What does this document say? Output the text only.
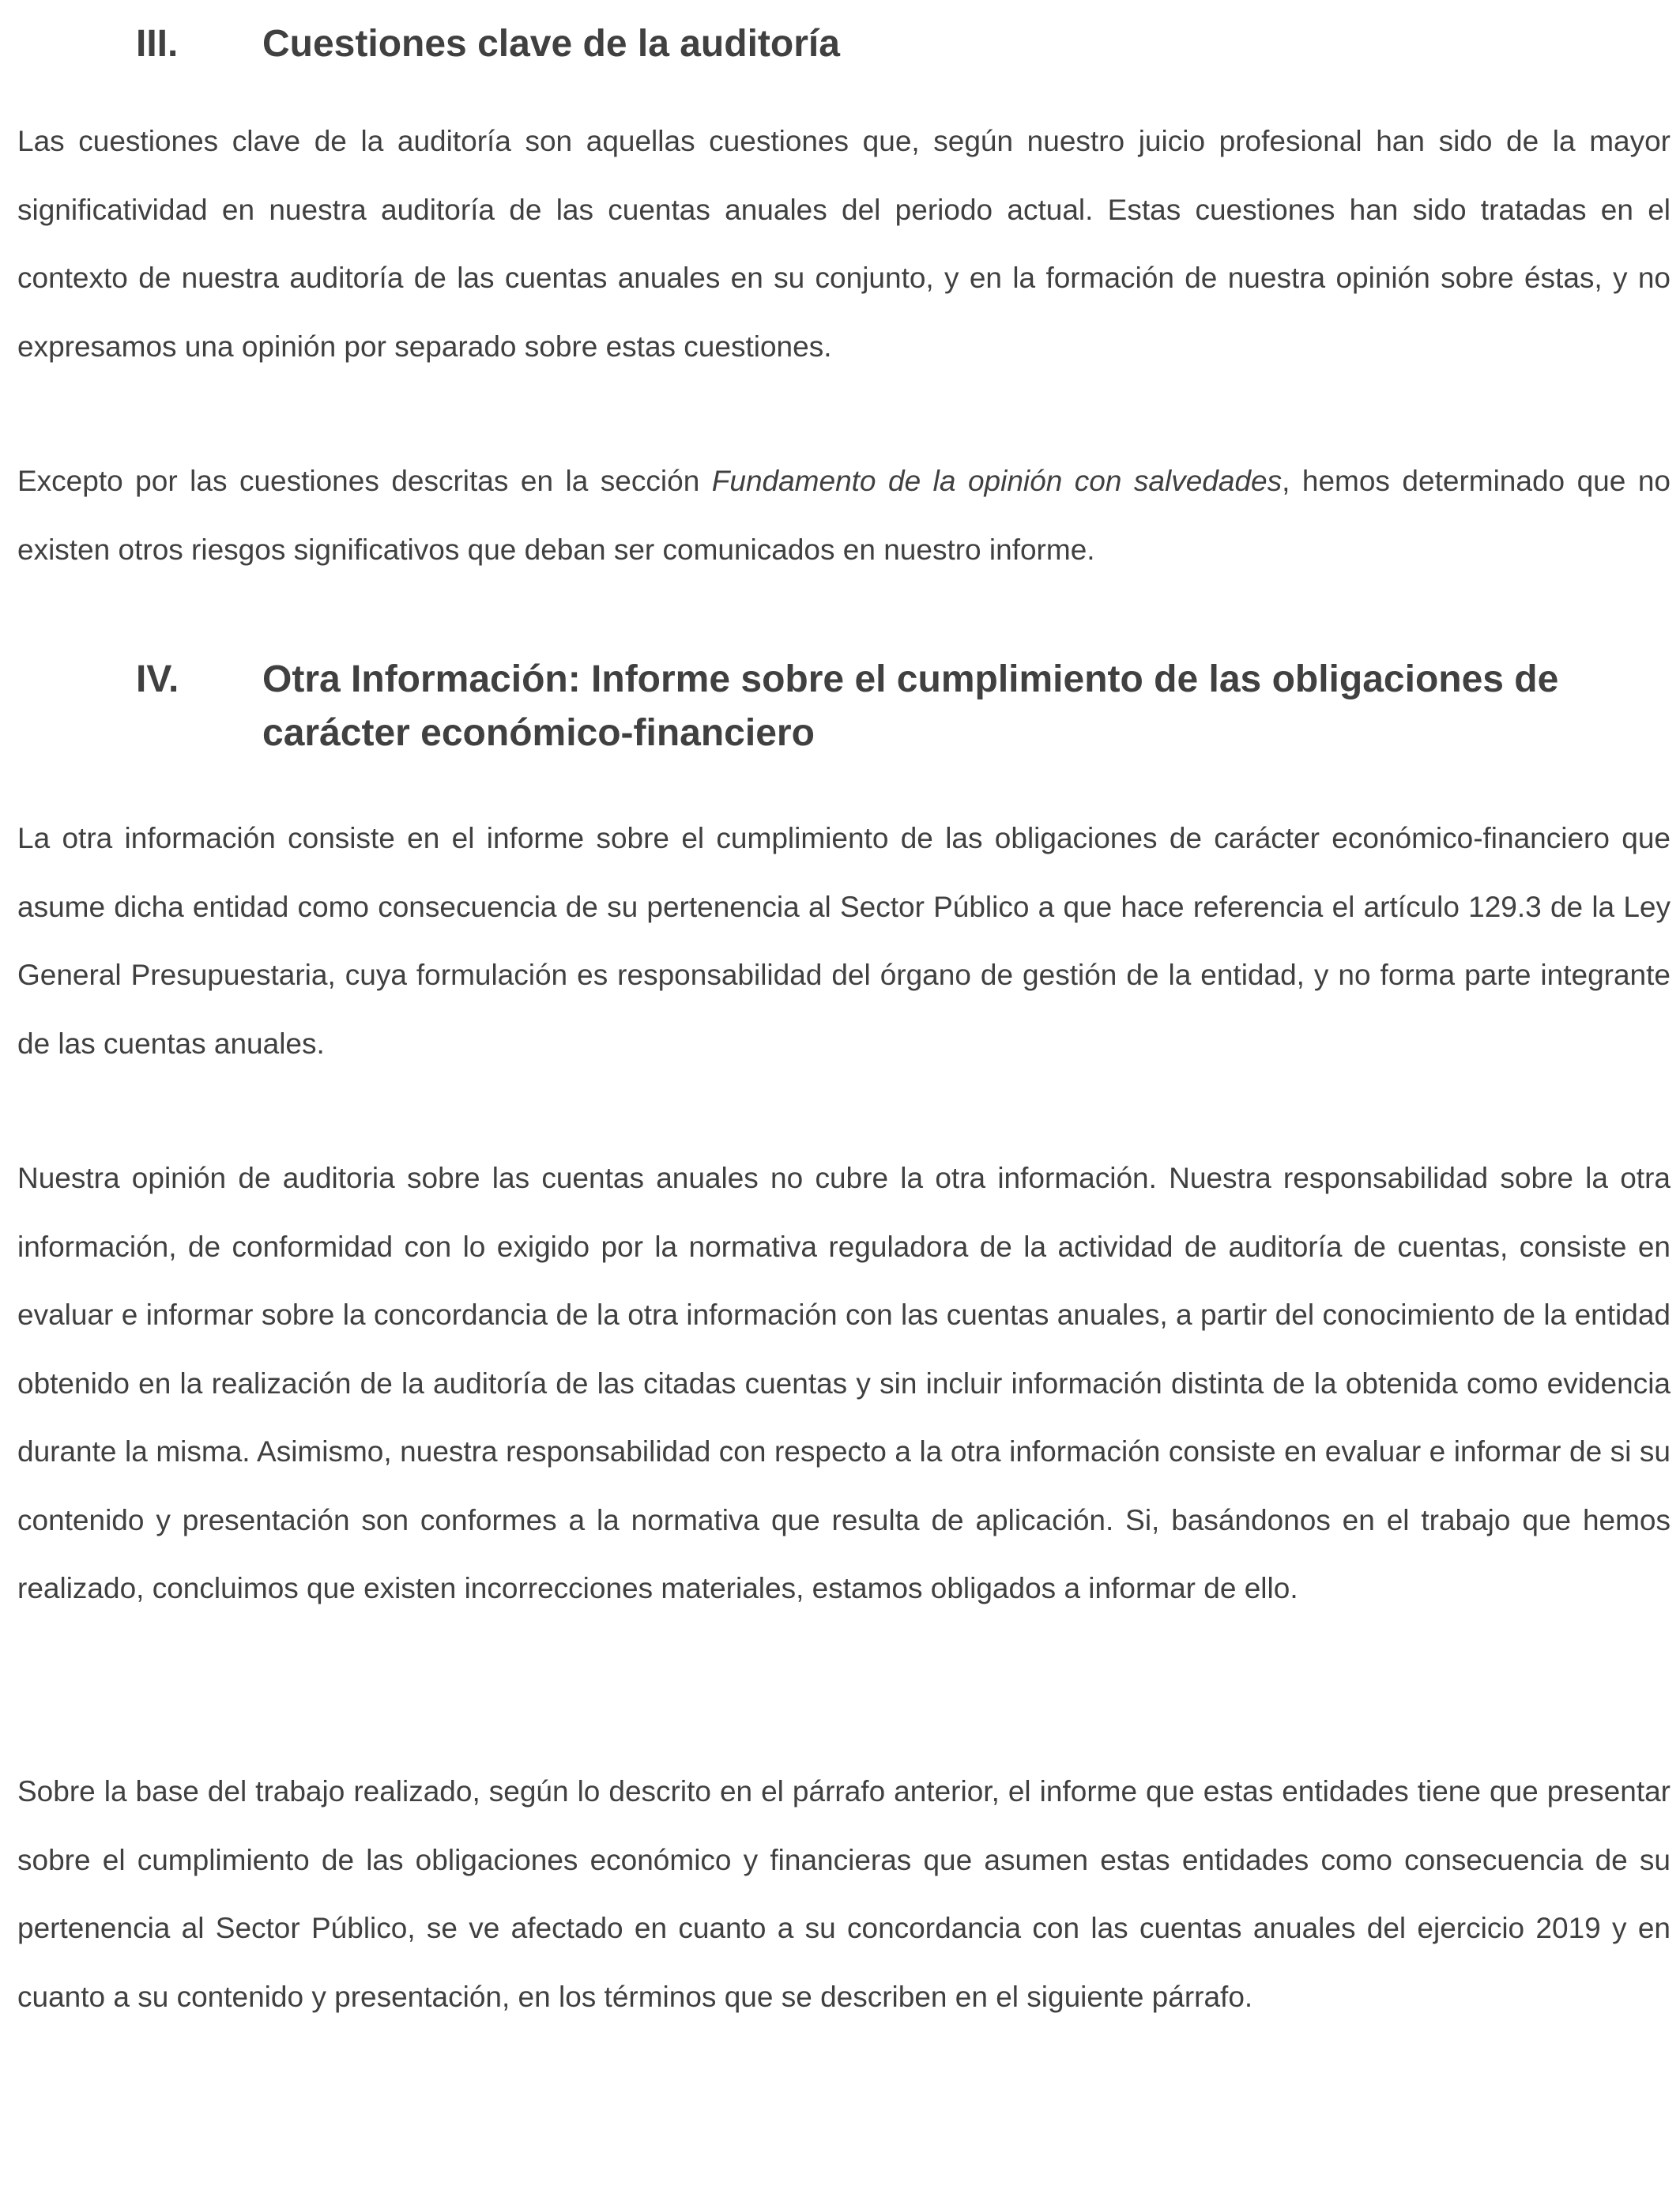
III. Cuestiones clave de la auditoría

Las cuestiones clave de la auditoría son aquellas cuestiones que, según nuestro juicio profesional han sido de la mayor significatividad en nuestra auditoría de las cuentas anuales del periodo actual. Estas cuestiones han sido tratadas en el contexto de nuestra auditoría de las cuentas anuales en su conjunto, y en la formación de nuestra opinión sobre éstas, y no expresamos una opinión por separado sobre estas cuestiones.

Excepto por las cuestiones descritas en la sección Fundamento de la opinión con salvedades, hemos determinado que no existen otros riesgos significativos que deban ser comunicados en nuestro informe.

IV. Otra Información: Informe sobre el cumplimiento de las obligaciones de carácter económico-financiero

La otra información consiste en el informe sobre el cumplimiento de las obligaciones de carácter económico-financiero que asume dicha entidad como consecuencia de su pertenencia al Sector Público a que hace referencia el artículo 129.3 de la Ley General Presupuestaria, cuya formulación es responsabilidad del órgano de gestión de la entidad, y no forma parte integrante de las cuentas anuales.

Nuestra opinión de auditoria sobre las cuentas anuales no cubre la otra información. Nuestra responsabilidad sobre la otra información, de conformidad con lo exigido por la normativa reguladora de la actividad de auditoría de cuentas, consiste en evaluar e informar sobre la concordancia de la otra información con las cuentas anuales, a partir del conocimiento de la entidad obtenido en la realización de la auditoría de las citadas cuentas y sin incluir información distinta de la obtenida como evidencia durante la misma. Asimismo, nuestra responsabilidad con respecto a la otra información consiste en evaluar e informar de si su contenido y presentación son conformes a la normativa que resulta de aplicación. Si, basándonos en el trabajo que hemos realizado, concluimos que existen incorrecciones materiales, estamos obligados a informar de ello.

Sobre la base del trabajo realizado, según lo descrito en el párrafo anterior, el informe que estas entidades tiene que presentar sobre el cumplimiento de las obligaciones económico y financieras que asumen estas entidades como consecuencia de su pertenencia al Sector Público, se ve afectado en cuanto a su concordancia con las cuentas anuales del ejercicio 2019 y en cuanto a su contenido y presentación, en los términos que se describen en el siguiente párrafo.
